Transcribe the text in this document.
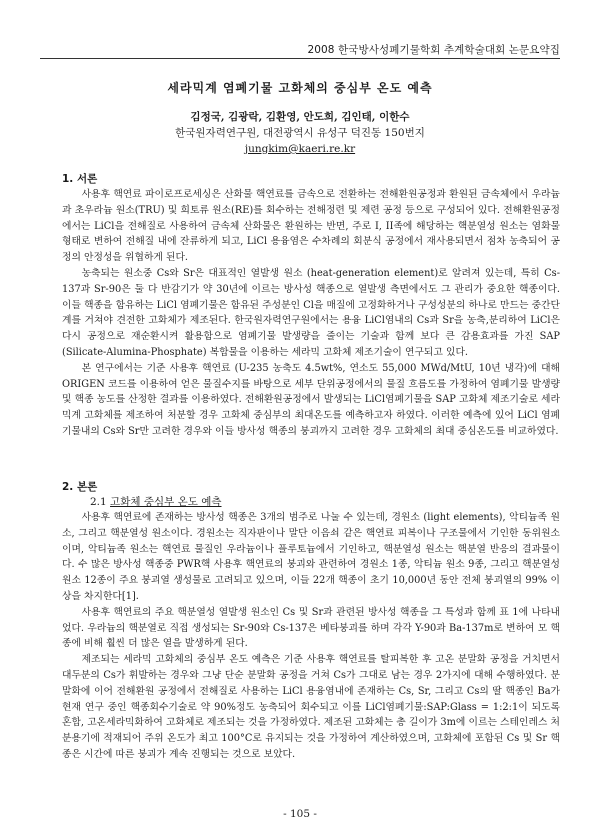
2008 한국방사성폐기물학회 추계학술대회 논문요약집
세라믹계 염폐기물 고화체의 중심부 온도 예측
김정국, 김광락, 김환영, 안도희, 김인태, 이한수
한국원자력연구원, 대전광역시 유성구 덕진동 150번지
jungkim@kaeri.re.kr
1. 서론

사용후 핵연료 파이로프로세싱은 산화물 핵연료를 금속으로 전환하는 전해환원공정과 환원된 금속체에서 우라늄과 초우라늄 원소(TRU) 및 희토류 원소(RE)를 회수하는 전해정련 및 제련 공정 등으로 구성되어 있다. 전해환원공정에서는 LiCl을 전해질로 사용하여 금속체 산화물은 환원하는 반면, 주로 I, II족에 해당하는 핵분열성 원소는 염화물 형태로 변하여 전해질 내에 잔류하게 되고, LiCl 용융염은 수차례의 회분식 공정에서 재사용되면서 점차 농축되어 공정의 안정성을 위협하게 된다.

농축되는 원소중 Cs와 Sr은 대표적인 열발생 원소 (heat-generation element)로 알려져 있는데, 특히 Cs-137과 Sr-90은 둘 다 반감기가 약 30년에 이르는 방사성 핵종으로 열발생 측면에서도 그 관리가 중요한 핵종이다. 이들 핵종을 함유하는 LiCl 염폐기물은 함유된 주성분인 Cl을 매질에 고정화하거나 구성성분의 하나로 만드는 중간단계를 거쳐야 견전한 고화체가 제조된다. 한국원자력연구원에서는 용융 LiCl염내의 Cs과 Sr을 농축,분리하여 LiCl은 다시 공정으로 재순환시켜 활용함으로 염폐기물 발생량을 줄이는 기술과 함께 보다 큰 감용효과를 가진 SAP (Silicate-Alumina-Phosphate) 복합물을 이용하는 세라믹 고화체 제조기술이 연구되고 있다.

본 연구에서는 기준 사용후 핵연료 (U-235 농축도 4.5wt%, 연소도 55,000 MWd/MtU, 10년 냉각)에 대해 ORIGEN 코드를 이용하여 얻은 물질수지를 바탕으로 세부 단위공정에서의 물질 흐름도를 가정하여 염폐기물 발생량 및 핵종 농도를 산정한 결과를 이용하였다. 전해환원공정에서 발생되는 LiCl염폐기물을 SAP 고화체 제조기술로 세라믹계 고화체를 제조하여 처분할 경우 고화체 중심부의 최대온도를 예측하고자 하였다. 이러한 예측에 있어 LiCl 염폐기물내의 Cs와 Sr만 고려한 경우와 이들 방사성 핵종의 붕괴까지 고려한 경우 고화체의 최대 중심온도를 비교하였다.

2. 본론
2.1 고화체 중심부 온도 예측

사용후 핵연료에 존재하는 방사성 핵종은 3개의 범주로 나눌 수 있는데, 경원소 (light elements), 악티늄족 원소, 그리고 핵분열성 원소이다. 경원소는 직자판이나 말단 이음쇠 같은 핵연료 피복이나 구조물에서 기인한 동위원소이며, 악티늄족 원소는 핵연료 물질인 우라늄이나 플루토늄에서 기인하고, 핵분열성 원소는 핵분열 반응의 결과물이다. 수 많은 방사성 핵종중 PWR핵 사용후 핵연료의 붕괴와 관련하여 경원소 1종, 악티늄 원소 9종, 그리고 핵분열성 원소 12종이 주요 붕괴열 생성물로 고려되고 있으며, 이들 22개 핵종이 초기 10,000년 동안 전체 붕괴열의 99% 이상을 차지한다[1].

사용후 핵연료의 주요 핵분열성 열발생 원소인 Cs 및 Sr과 관련된 방사성 핵종을 그 특성과 함께 표 1에 나타내었다. 우라늄의 핵분열로 직접 생성되는 Sr-90와 Cs-137은 베타붕괴를 하며 각각 Y-90과 Ba-137m로 변하여 모 핵종에 비해 훨씬 더 많은 열을 발생하게 된다.

제조되는 세라믹 고화체의 중심부 온도 예측은 기준 사용후 핵연료를 탈피복한 후 고온 분말화 공정을 거치면서 대두분의 Cs가 휘발하는 경우와 그냥 단순 분말화 공정을 거쳐 Cs가 그대로 남는 경우 2가지에 대해 수행하였다. 분말화에 이어 전해환원 공정에서 전해질로 사용하는 LiCl 용융염내에 존재하는 Cs, Sr, 그리고 Cs의 딸 핵종인 Ba가 현재 연구 중인 핵종회수기술로 약 90%정도 농축되어 회수되고 이를 LiCl염폐기물:SAP:Glass = 1:2:1이 되도록 혼합, 고온세라믹화하여 고화체로 제조되는 것을 가정하였다. 제조된 고화체는 총 길이가 3m에 이르는 스테인레스 처분용기에 적재되어 주위 온도가 최고 100°C로 유지되는 것을 가정하여 계산하였으며, 고화체에 포함된 Cs 및 Sr 핵종은 시간에 따른 붕괴가 계속 진행되는 것으로 보았다.

- 105 -
